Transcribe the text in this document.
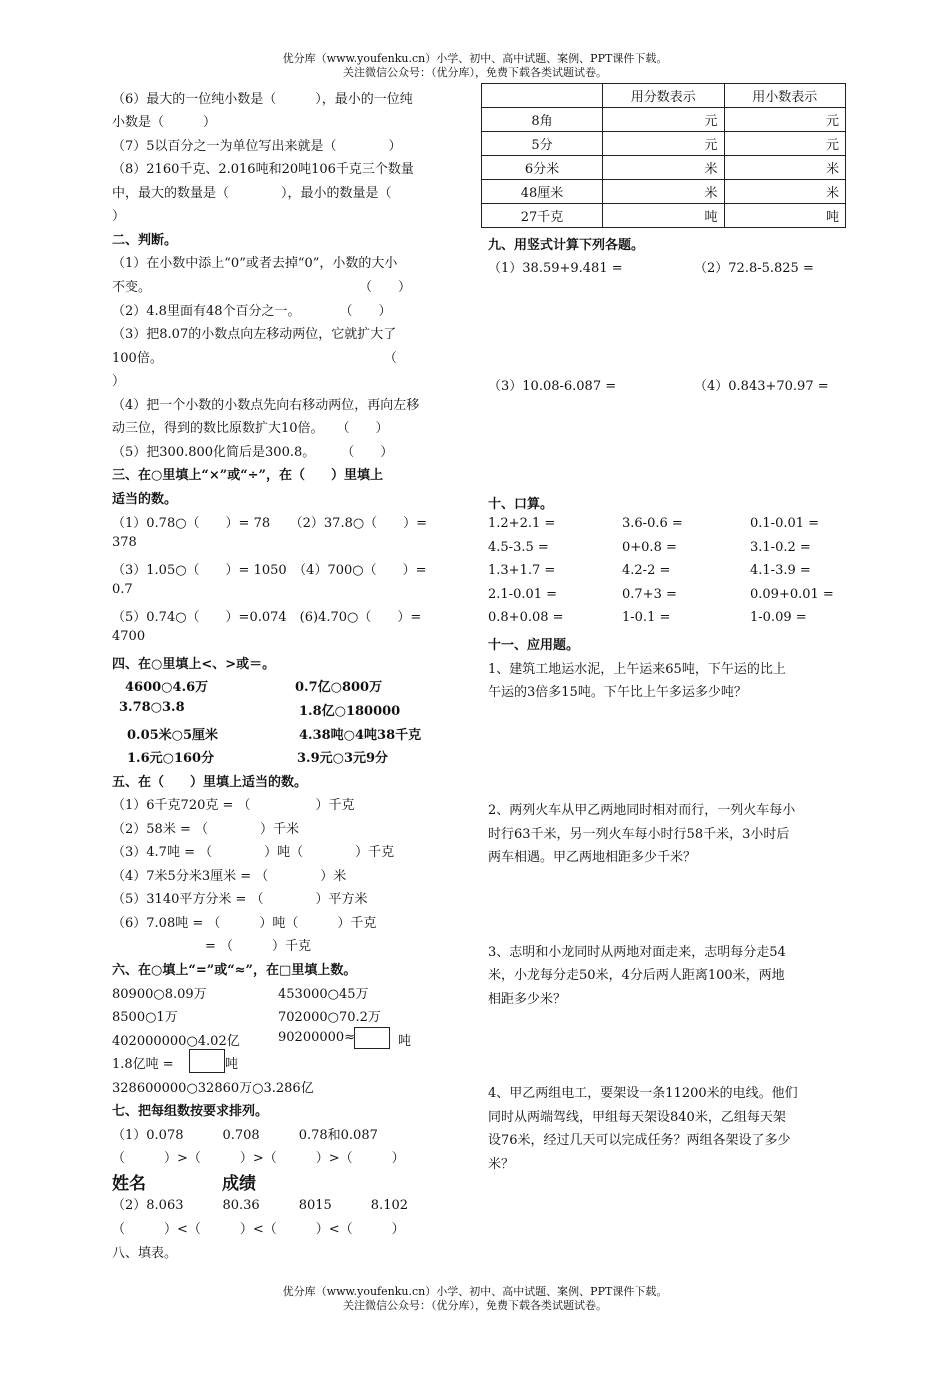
优分库（www.youfenku.cn）小学、初中、高中试题、案例、PPT课件下载。
关注微信公众号：（优分库），免费下载各类试题试卷。
（6）最大的一位纯小数是（　　　），最小的一位纯
小数是（　　　）
（7）5以百分之一为单位写出来就是（　　　　）
（8）2160千克、2.016吨和20吨106千克三个数量
中，最大的数量是（　　　　），最小的数量是（
）
二、判断。
（1）在小数中添上“0”或者去掉“0”，小数的大小
不变。　　　　　　　　　　　　　　　　　（　　）
（2）4.8里面有48个百分之一。　　　　（　　）
（3）把8.07的小数点向左移动两位，它就扩大了
100倍。　　　　　　　　　　　　　　　　　　（
）
（4）把一个小数的小数点先向右移动两位，再向左移
动三位，得到的数比原数扩大10倍。　　（　　）
（5）把300.800化简后是300.8。　　　（　　）
三、在○里填上“×”或“÷”，在（　　）里填上
适当的数。
（1）0.78○（　　）= 78　　（2）37.8○（　　）=
378
（3）1.05○（　　）= 1050　（4）700○（　　）=
0.7
（5）0.74○（　　）=0.074　(6)4.70○（　　）=
4700
四、在○里填上<、>或＝。
4600○4.6万	0.7亿○800万
3.78○3.8	1.8亿○180000
0.05米○5厘米	4.38吨○4吨38千克
1.6元○160分	3.9元○3元9分
五、在（　　）里填上适当的数。
（1）6千克720克 = （　　　　　）千克
（2）58米 = （　　　　）千米
（3）4.7吨 = （　　　　）吨（　　　　）千克
（4）7米5分米3厘米 = （　　　　）米
（5）3140平方分米 = （　　　　）平方米
（6）7.08吨 = （　　　）吨（　　　）千克
= （　　　）千克
六、在○填上“=”或“≈”，在□里填上数。
80900○8.09万	453000○45万
8500○1万	702000○70.2万
402000000○4.02亿	90200000≈	吨
1.8亿吨 =	吨
328600000○32860万○3.286亿
七、把每组数按要求排列。
（1）0.078　　　0.708　　　0.78和0.087
（　　　）>（　　　）>（　　　）>（　　　）
姓名	成绩
（2）8.063　　　80.36　　　8015　　　8.102
（　　　）<（　　　）<（　　　）<（　　　）
八、填表。
	用分数表示	用小数表示
8角	元	元
5分	元	元
6分米	米	米
48厘米	米	米
27千克	吨	吨
九、用竖式计算下列各题。
（1）38.59+9.481 =	（2）72.8-5.825 =
（3）10.08-6.087 =	（4）0.843+70.97 =
十、口算。
1.2+2.1 =	3.6-0.6 =	0.1-0.01 =
4.5-3.5 =	0+0.8 =	3.1-0.2 =
1.3+1.7 =	4.2-2 =	4.1-3.9 =
2.1-0.01 =	0.7+3 =	0.09+0.01 =
0.8+0.08 =	1-0.1 =	1-0.09 =
十一、应用题。
1、建筑工地运水泥，上午运来65吨，下午运的比上
午运的3倍多15吨。下午比上午多运多少吨？
2、两列火车从甲乙两地同时相对而行，一列火车每小
时行63千米，另一列火车每小时行58千米，3小时后
两车相遇。甲乙两地相距多少千米？
3、志明和小龙同时从两地对面走来，志明每分走54
米，小龙每分走50米，4分后两人距离100米，两地
相距多少米？
4、甲乙两组电工，要架设一条11200米的电线。他们
同时从两端驾线，甲组每天架设840米，乙组每天架
设76米，经过几天可以完成任务？两组各架设了多少
米？
优分库（www.youfenku.cn）小学、初中、高中试题、案例、PPT课件下载。
关注微信公众号：（优分库），免费下载各类试题试卷。
